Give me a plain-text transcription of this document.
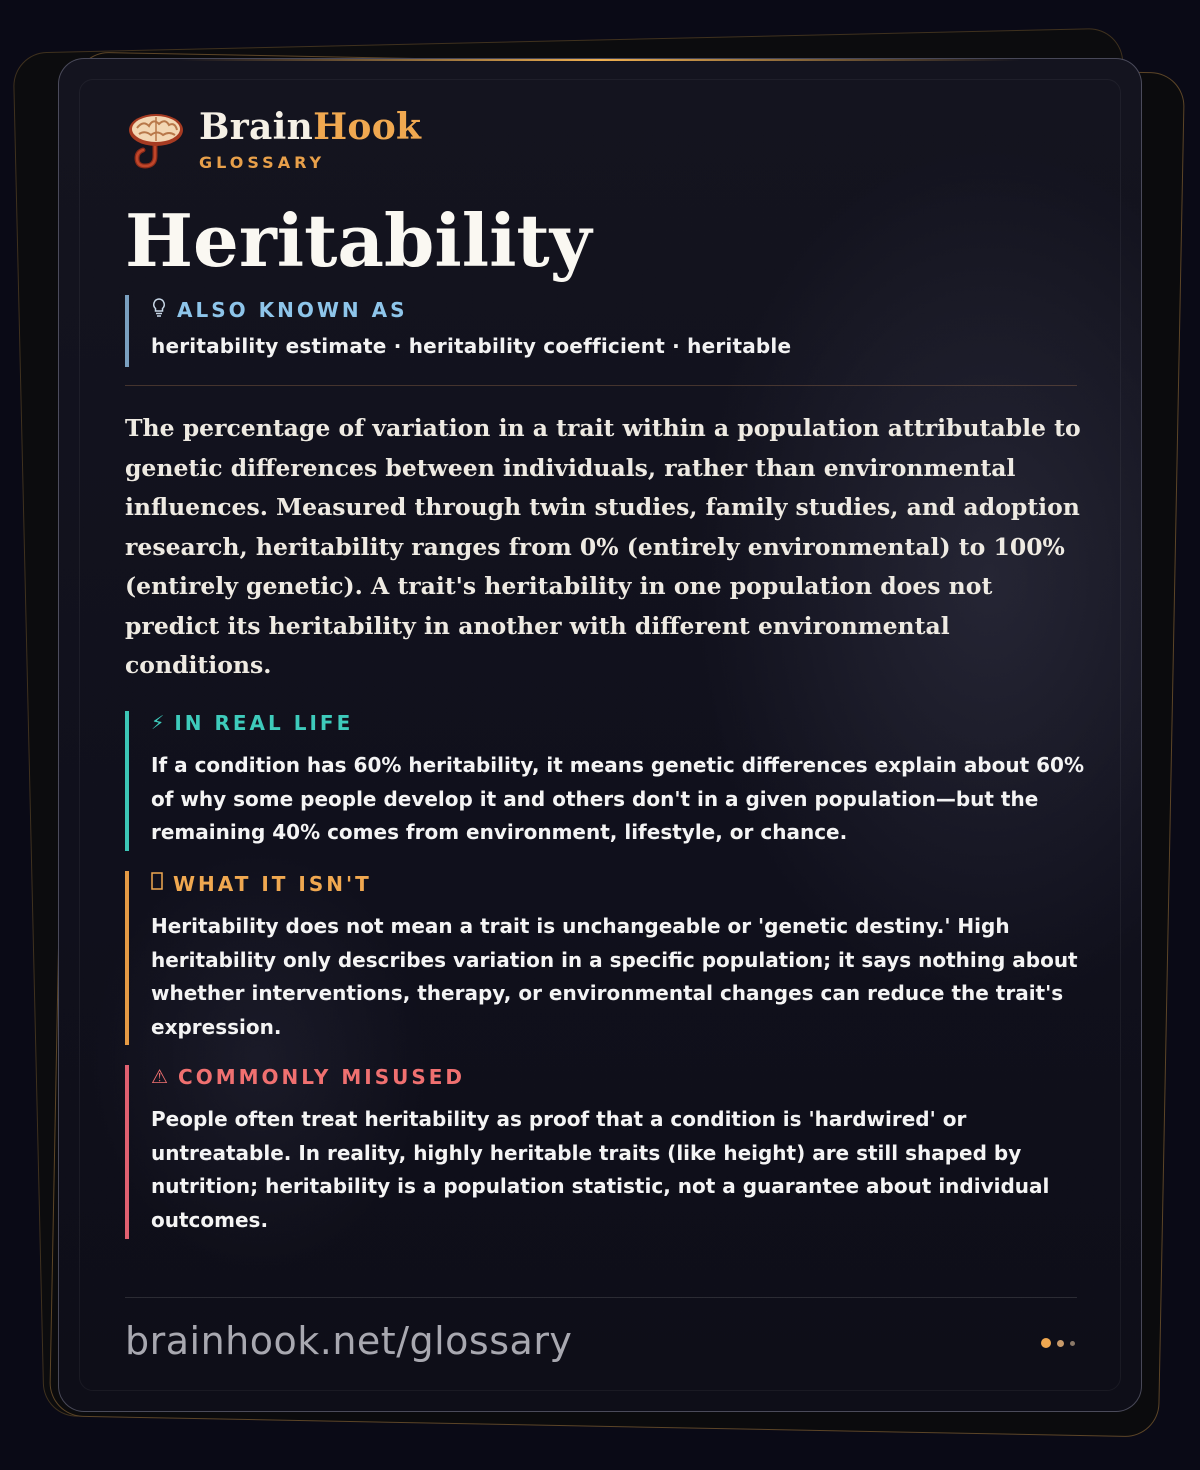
BrainHook
GLOSSARY
Heritability
ALSO KNOWN AS
heritability estimate · heritability coefficient · heritable

The percentage of variation in a trait within a population attributable to genetic differences between individuals, rather than environmental influences. Measured through twin studies, family studies, and adoption research, heritability ranges from 0% (entirely environmental) to 100% (entirely genetic). A trait's heritability in one population does not predict its heritability in another with different environmental conditions.

⚡ IN REAL LIFE
If a condition has 60% heritability, it means genetic differences explain about 60% of why some people develop it and others don't in a given population—but the remaining 40% comes from environment, lifestyle, or chance.
WHAT IT ISN'T
Heritability does not mean a trait is unchangeable or 'genetic destiny.' High heritability only describes variation in a specific population; it says nothing about whether interventions, therapy, or environmental changes can reduce the trait's expression.
⚠ COMMONLY MISUSED
People often treat heritability as proof that a condition is 'hardwired' or untreatable. In reality, highly heritable traits (like height) are still shaped by nutrition; heritability is a population statistic, not a guarantee about individual outcomes.
brainhook.net/glossary
